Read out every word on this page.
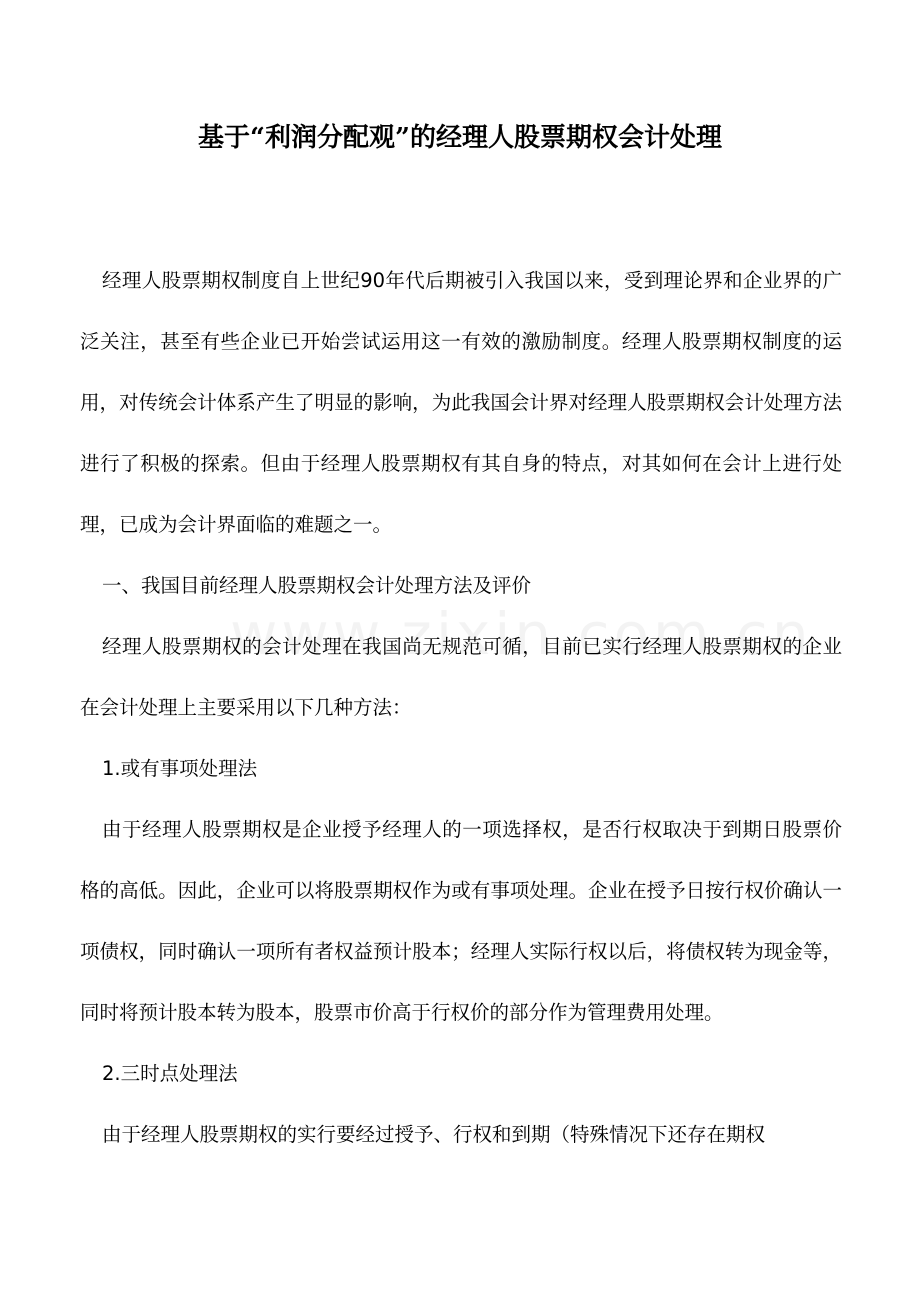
基于“利润分配观”的经理人股票期权会计处理

经理人股票期权制度自上世纪90年代后期被引入我国以来，受到理论界和企业界的广泛关注，甚至有些企业已开始尝试运用这一有效的激励制度。经理人股票期权制度的运用，对传统会计体系产生了明显的影响，为此我国会计界对经理人股票期权会计处理方法进行了积极的探索。但由于经理人股票期权有其自身的特点，对其如何在会计上进行处理，已成为会计界面临的难题之一。

一、我国目前经理人股票期权会计处理方法及评价

经理人股票期权的会计处理在我国尚无规范可循，目前已实行经理人股票期权的企业在会计处理上主要采用以下几种方法：

1.或有事项处理法

由于经理人股票期权是企业授予经理人的一项选择权，是否行权取决于到期日股票价格的高低。因此，企业可以将股票期权作为或有事项处理。企业在授予日按行权价确认一项债权，同时确认一项所有者权益预计股本；经理人实际行权以后，将债权转为现金等，同时将预计股本转为股本，股票市价高于行权价的部分作为管理费用处理。

2.三时点处理法

由于经理人股票期权的实行要经过授予、行权和到期（特殊情况下还存在期权
